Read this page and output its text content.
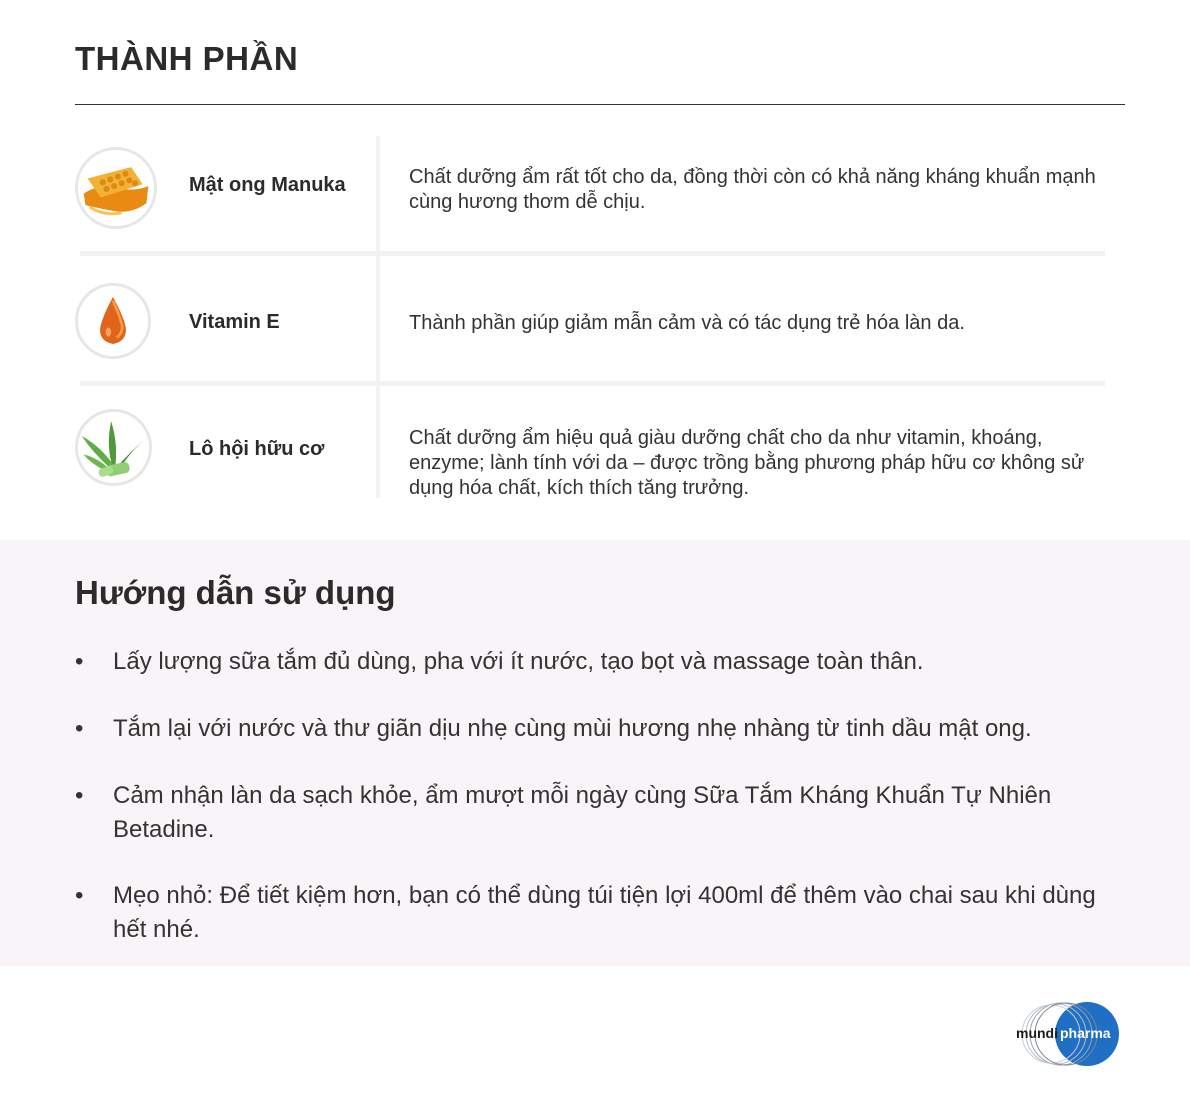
THÀNH PHẦN
Mật ong Manuka	Chất dưỡng ẩm rất tốt cho da, đồng thời còn có khả năng kháng khuẩn mạnh cùng hương thơm dễ chịu.
Vitamin E	Thành phần giúp giảm mẫn cảm và có tác dụng trẻ hóa làn da.
Lô hội hữu cơ	Chất dưỡng ẩm hiệu quả giàu dưỡng chất cho da như vitamin, khoáng, enzyme; lành tính với da – được trồng bằng phương pháp hữu cơ không sử dụng hóa chất, kích thích tăng trưởng.
Hướng dẫn sử dụng
•	Lấy lượng sữa tắm đủ dùng, pha với ít nước, tạo bọt và massage toàn thân.
•	Tắm lại với nước và thư giãn dịu nhẹ cùng mùi hương nhẹ nhàng từ tinh dầu mật ong.
•	Cảm nhận làn da sạch khỏe, ẩm mượt mỗi ngày cùng Sữa Tắm Kháng Khuẩn Tự Nhiên Betadine.
•	Mẹo nhỏ: Để tiết kiệm hơn, bạn có thể dùng túi tiện lợi 400ml để thêm vào chai sau khi dùng hết nhé.
mundi pharma
